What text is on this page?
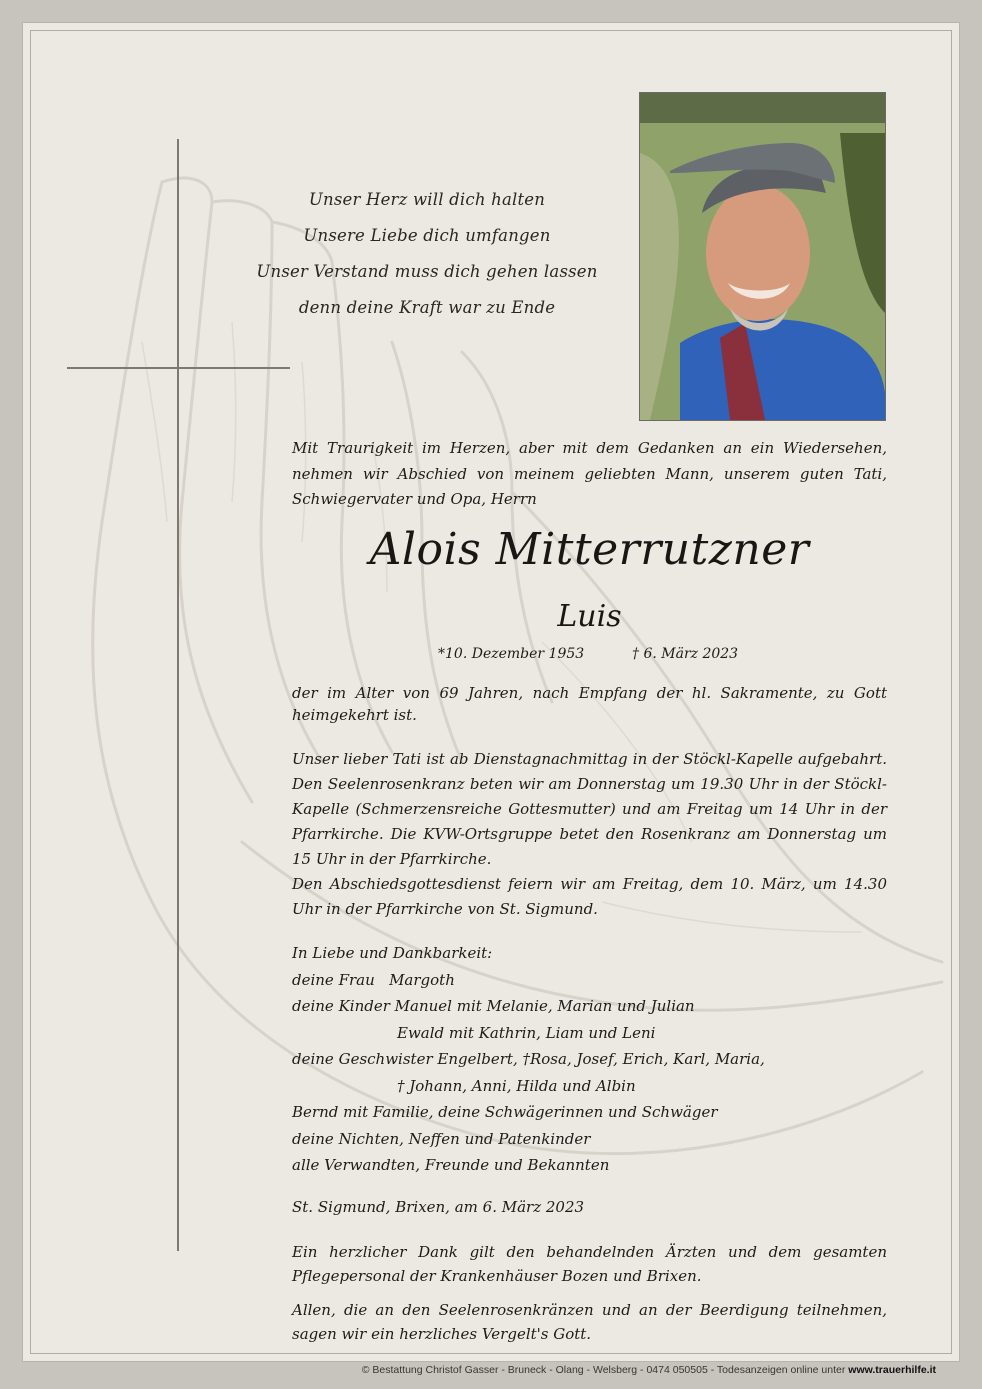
Unser Herz will dich halten
Unsere Liebe dich umfangen
Unser Verstand muss dich gehen lassen
denn deine Kraft war zu Ende
Mit Traurigkeit im Herzen, aber mit dem Gedanken an ein Wiedersehen, nehmen wir Abschied von meinem geliebten Mann, unserem guten Tati, Schwiegervater und Opa, Herrn
Alois Mitterrutzner
Luis
*10. Dezember 1953	† 6. März 2023
der im Alter von 69 Jahren, nach Empfang der hl. Sakramente, zu Gott heimgekehrt ist.

Unser lieber Tati ist ab Dienstagnachmittag in der Stöckl-Kapelle aufgebahrt. Den Seelenrosenkranz beten wir am Donnerstag um 19.30 Uhr in der Stöckl-Kapelle (Schmerzensreiche Gottesmutter) und am Freitag um 14 Uhr in der Pfarrkirche. Die KVW-Ortsgruppe betet den Rosenkranz am Donnerstag um 15 Uhr in der Pfarrkirche.

Den Abschiedsgottesdienst feiern wir am Freitag, dem 10. März, um 14.30 Uhr in der Pfarrkirche von St. Sigmund.

In Liebe und Dankbarkeit:
deine Frau   Margoth
deine Kinder Manuel mit Melanie, Marian und Julian
Ewald mit Kathrin, Liam und Leni
deine Geschwister Engelbert, †Rosa, Josef, Erich, Karl, Maria,
† Johann, Anni, Hilda und Albin
Bernd mit Familie, deine Schwägerinnen und Schwäger
deine Nichten, Neffen und Patenkinder
alle Verwandten, Freunde und Bekannten
St. Sigmund, Brixen, am 6. März 2023
Ein herzlicher Dank gilt den behandelnden Ärzten und dem gesamten Pflegepersonal der Krankenhäuser Bozen und Brixen.
Allen, die an den Seelenrosenkränzen und an der Beerdigung teilnehmen, sagen wir ein herzliches Vergelt's Gott.
© Bestattung Christof Gasser - Bruneck - Olang - Welsberg - 0474 050505 - Todesanzeigen online unter www.trauerhilfe.it
